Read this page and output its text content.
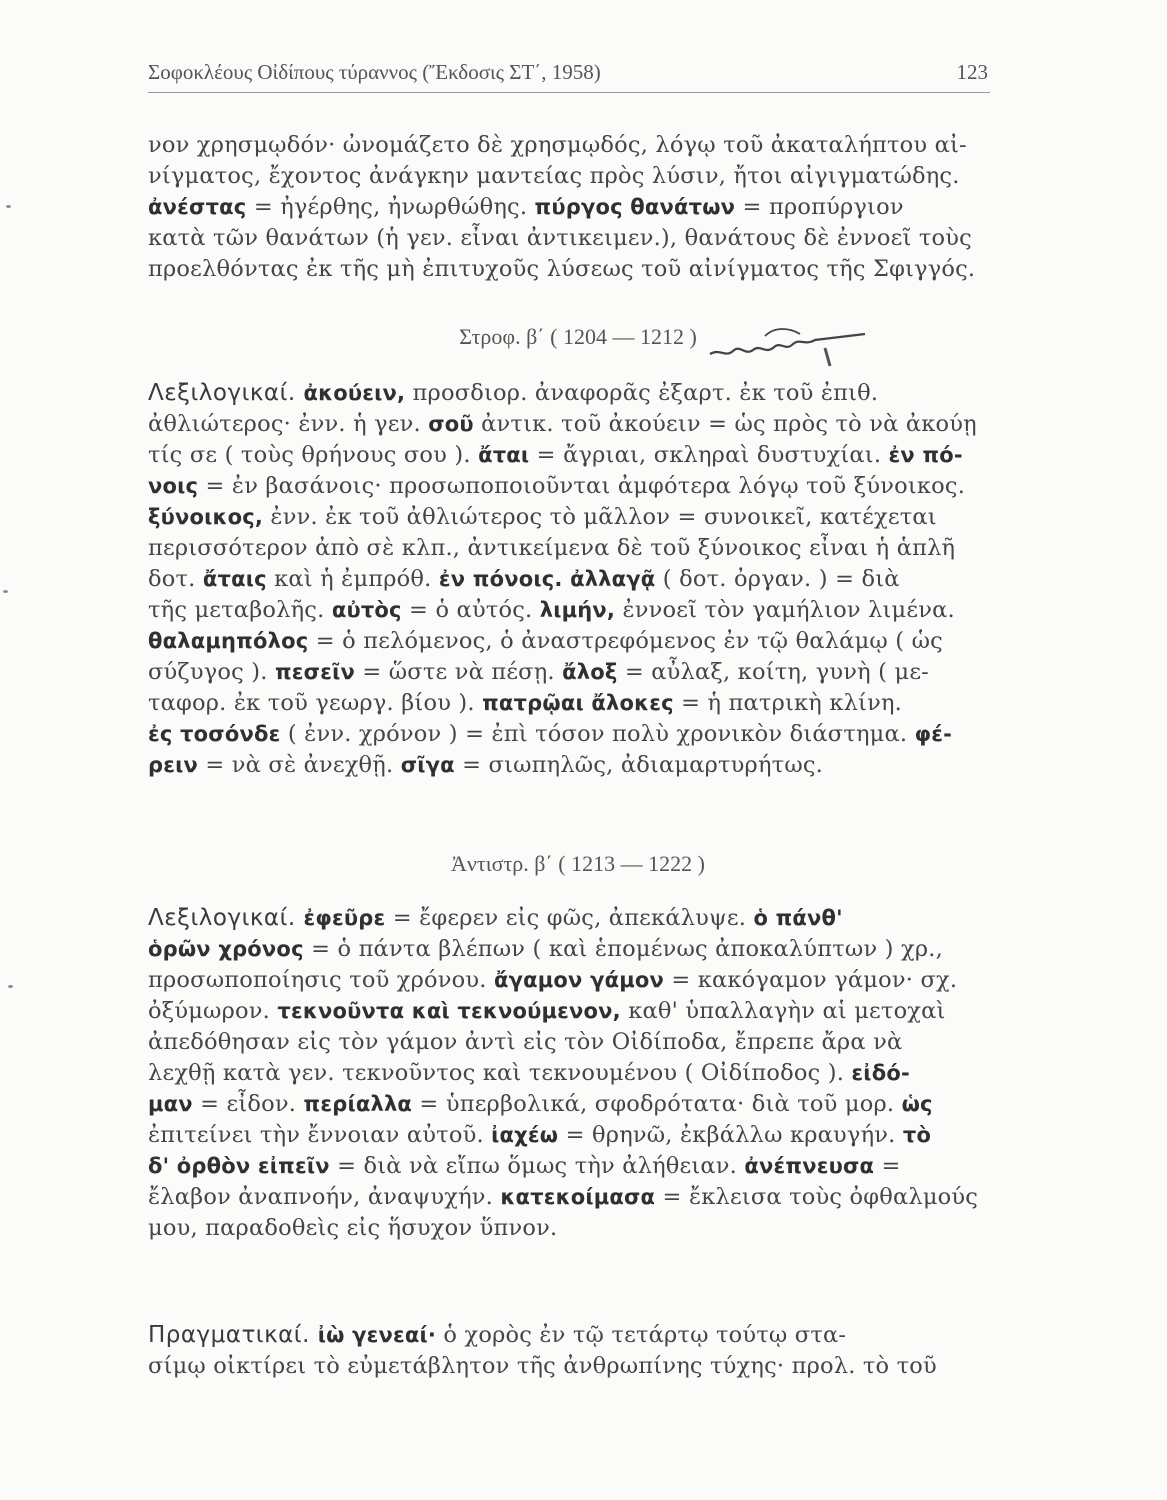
Σοφοκλέους Οἰδίπους τύραννος (Ἔκδοσις ΣΤ΄, 1958)	123
νον χρησμῳδόν· ὠνομάζετο δὲ χρησμῳδός, λόγῳ τοῦ ἀκαταλήπτου αἰ-
νίγματος, ἔχοντος ἀνάγκην μαντείας πρὸς λύσιν, ἤτοι αἰγιγματώδης.
ἀνέστας = ἠγέρθης, ἠνωρθώθης. πύργος θανάτων = προπύργιον
κατὰ τῶν θανάτων (ἡ γεν. εἶναι ἀντικειμεν.), θανάτους δὲ ἐννοεῖ τοὺς
προελθόντας ἐκ τῆς μὴ ἐπιτυχοῦς λύσεως τοῦ αἰνίγματος τῆς Σφιγγός.
Στροφ. β΄ ( 1204 — 1212 )
Λεξιλογικαί. ἀκούειν, προσδιορ. ἀναφορᾶς ἐξαρτ. ἐκ τοῦ ἐπιθ.
ἀθλιώτερος· ἐνν. ἡ γεν. σοῦ ἀντικ. τοῦ ἀκούειν = ὡς πρὸς τὸ νὰ ἀκούῃ
τίς σε ( τοὺς θρήνους σου ). ἄται = ἄγριαι, σκληραὶ δυστυχίαι. ἐν πό-
νοις = ἐν βασάνοις· προσωποποιοῦνται ἀμφότερα λόγῳ τοῦ ξύνοικος.
ξύνοικος, ἐνν. ἐκ τοῦ ἀθλιώτερος τὸ μᾶλλον = συνοικεῖ, κατέχεται
περισσότερον ἀπὸ σὲ κλπ., ἀντικείμενα δὲ τοῦ ξύνοικος εἶναι ἡ ἁπλῆ
δοτ. ἄταις καὶ ἡ ἐμπρόθ. ἐν πόνοις. ἀλλαγᾷ ( δοτ. ὀργαν. ) = διὰ
τῆς μεταβολῆς. αὐτὸς = ὁ αὐτός. λιμήν, ἐννοεῖ τὸν γαμήλιον λιμένα.
θαλαμηπόλος = ὁ πελόμενος, ὁ ἀναστρεφόμενος ἐν τῷ θαλάμῳ ( ὡς
σύζυγος ). πεσεῖν = ὥστε νὰ πέσῃ. ἄλοξ = αὖλαξ, κοίτη, γυνὴ ( με-
ταφορ. ἐκ τοῦ γεωργ. βίου ). πατρῷαι ἄλοκες = ἡ πατρικὴ κλίνη.
ἐς τοσόνδε ( ἐνν. χρόνον ) = ἐπὶ τόσον πολὺ χρονικὸν διάστημα. φέ-
ρειν = νὰ σὲ ἀνεχθῇ. σῖγα = σιωπηλῶς, ἀδιαμαρτυρήτως.
Ἀντιστρ. β΄ ( 1213 — 1222 )
Λεξιλογικαί. ἐφεῦρε = ἔφερεν εἰς φῶς, ἀπεκάλυψε. ὁ πάνθ'
ὁρῶν χρόνος = ὁ πάντα βλέπων ( καὶ ἑπομένως ἀποκαλύπτων ) χρ.,
προσωποποίησις τοῦ χρόνου. ἄγαμον γάμον = κακόγαμον γάμον· σχ.
ὀξύμωρον. τεκνοῦντα καὶ τεκνούμενον, καθ' ὑπαλλαγὴν αἱ μετοχαὶ
ἀπεδόθησαν εἰς τὸν γάμον ἀντὶ εἰς τὸν Οἰδίποδα, ἔπρεπε ἄρα νὰ
λεχθῇ κατὰ γεν. τεκνοῦντος καὶ τεκνουμένου ( Οἰδίποδος ). εἰδό-
μαν = εἶδον. περίαλλα = ὑπερβολικά, σφοδρότατα· διὰ τοῦ μορ. ὡς
ἐπιτείνει τὴν ἔννοιαν αὐτοῦ. ἰαχέω = θρηνῶ, ἐκβάλλω κραυγήν. τὸ
δ' ὀρθὸν εἰπεῖν = διὰ νὰ εἴπω ὅμως τὴν ἀλήθειαν. ἀνέπνευσα =
ἔλαβον ἀναπνοήν, ἀναψυχήν. κατεκοίμασα = ἔκλεισα τοὺς ὀφθαλμούς
μου, παραδοθεὶς εἰς ἥσυχον ὕπνον.
Πραγματικαί. ἰὼ γενεαί· ὁ χορὸς ἐν τῷ τετάρτῳ τούτῳ στα-
σίμῳ οἰκτίρει τὸ εὐμετάβλητον τῆς ἀνθρωπίνης τύχης· προλ. τὸ τοῦ
